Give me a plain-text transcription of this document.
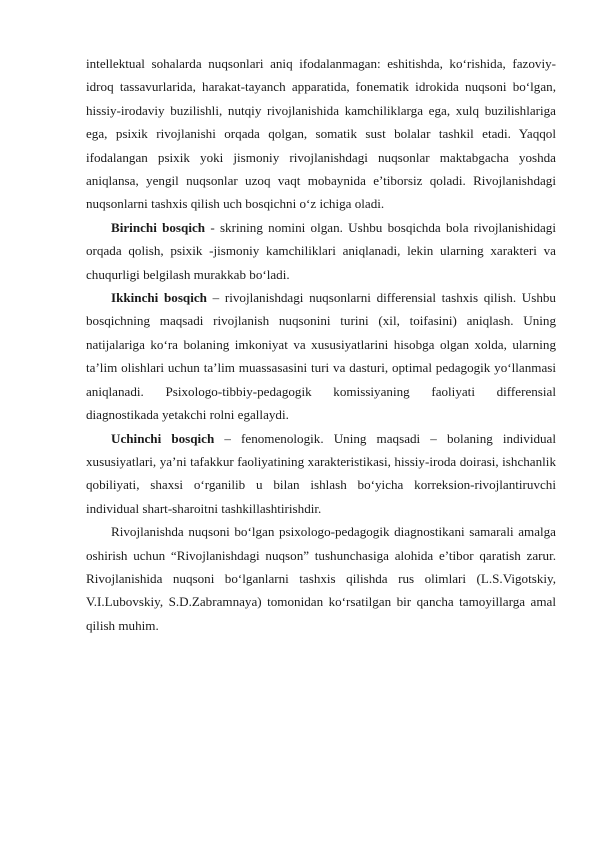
intellektual sohalarda nuqsonlari aniq ifodalanmagan: eshitishda, ko‘rishida, fazoviy-idroq tassavurlarida, harakat-tayanch apparatida, fonematik idrokida nuqsoni bo‘lgan, hissiy-irodaviy buzilishli, nutqiy rivojlanishida kamchiliklarga ega, xulq buzilishlariga ega, psixik rivojlanishi orqada qolgan, somatik sust bolalar tashkil etadi. Yaqqol ifodalangan psixik yoki jismoniy rivojlanishdagi nuqsonlar maktabgacha yoshda aniqlansa, yengil nuqsonlar uzoq vaqt mobaynida e’tiborsiz qoladi. Rivojlanishdagi nuqsonlarni tashxis qilish uch bosqichni o‘z ichiga oladi.

Birinchi bosqich - skrining nomini olgan. Ushbu bosqichda bola rivojlanishidagi orqada qolish, psixik -jismoniy kamchiliklari aniqlanadi, lekin ularning xarakteri va chuqurligi belgilash murakkab bo‘ladi.

Ikkinchi bosqich – rivojlanishdagi nuqsonlarni differensial tashxis qilish. Ushbu bosqichning maqsadi rivojlanish nuqsonini turini (xil, toifasini) aniqlash. Uning natijalariga ko‘ra bolaning imkoniyat va xususiyatlarini hisobga olgan xolda, ularning ta’lim olishlari uchun ta’lim muassasasini turi va dasturi, optimal pedagogik yo‘llanmasi aniqlanadi. Psixologo-tibbiy-pedagogik komissiyaning faoliyati differensial diagnostikada yetakchi rolni egallaydi.

Uchinchi bosqich – fenomenologik. Uning maqsadi – bolaning individual xususiyatlari, ya’ni tafakkur faoliyatining xarakteristikasi, hissiy-iroda doirasi, ishchanlik qobiliyati, shaxsi o‘rganilib u bilan ishlash bo‘yicha korreksion-rivojlantiruvchi individual shart-sharoitni tashkillashtirishdir.

Rivojlanishda nuqsoni bo‘lgan psixologo-pedagogik diagnostikani samarali amalga oshirish uchun “Rivojlanishdagi nuqson” tushunchasiga alohida e’tibor qaratish zarur. Rivojlanishida nuqsoni bo‘lganlarni tashxis qilishda rus olimlari (L.S.Vigotskiy, V.I.Lubovskiy, S.D.Zabramnaya) tomonidan ko‘rsatilgan bir qancha tamoyillarga amal qilish muhim.
